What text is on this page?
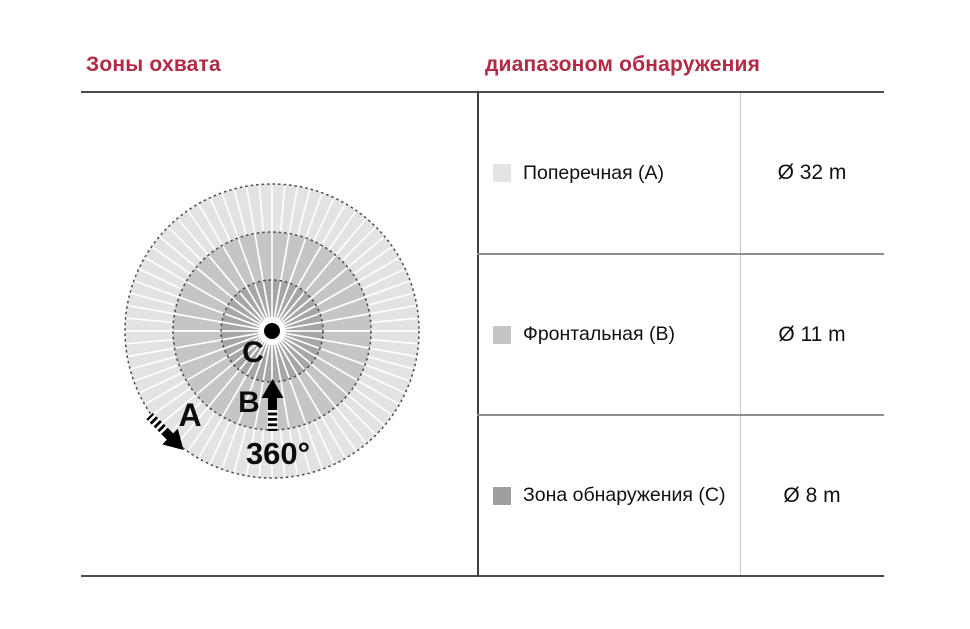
Зоны охвата	диапазоном обнаружения
C
B
A
360°
Поперечная (A)	Ø 32 m
Фронтальная (B)	Ø 11 m
Зона обнаружения (C)	Ø 8 m
